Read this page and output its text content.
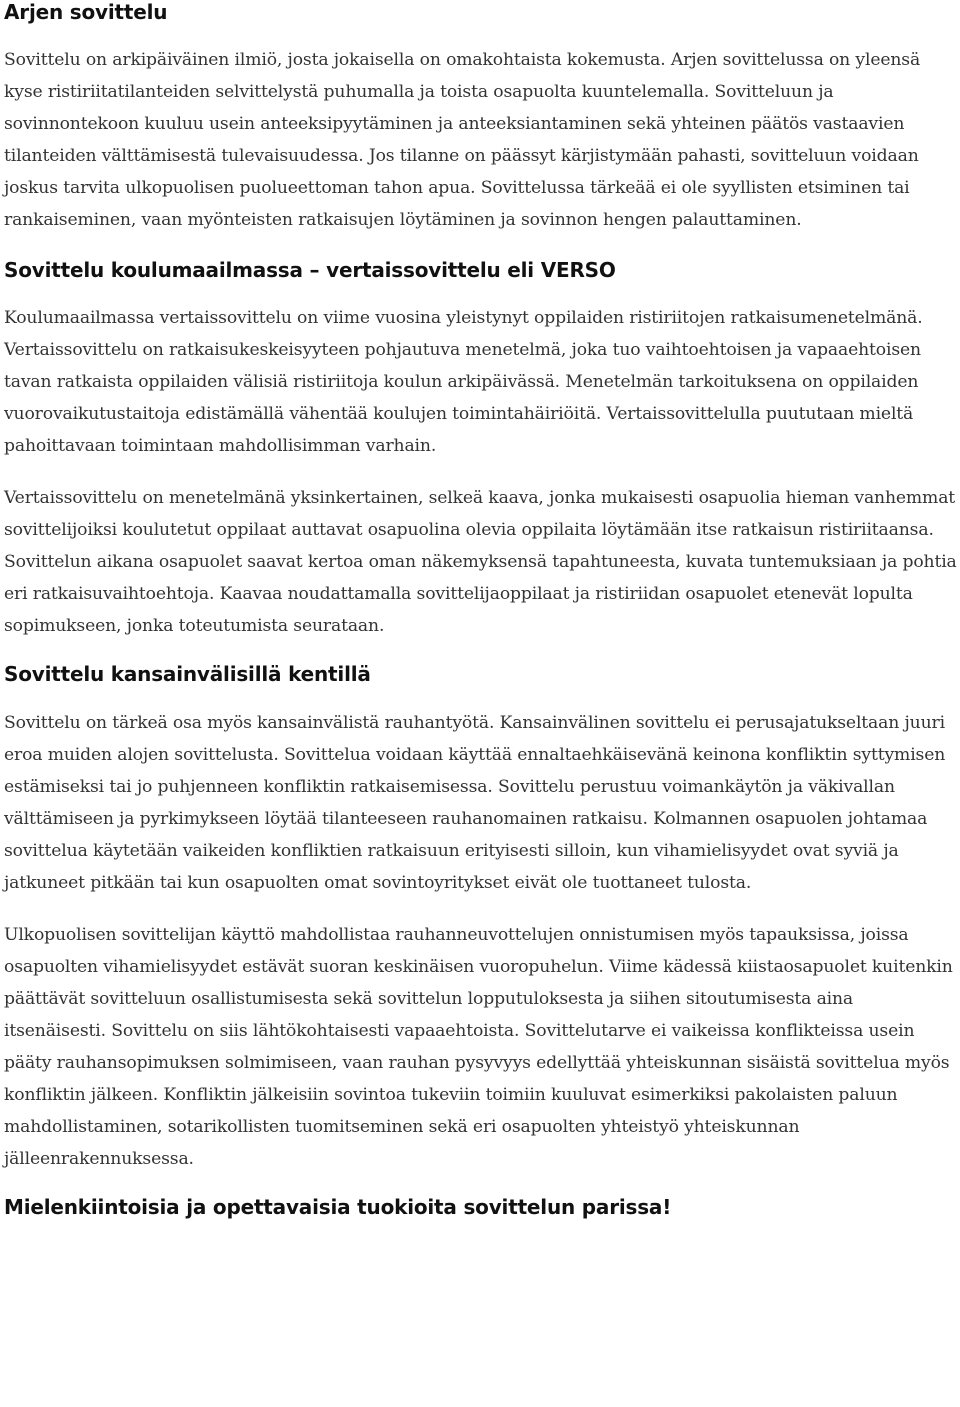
Arjen sovittelu

Sovittelu on arkipäiväinen ilmiö, josta jokaisella on omakohtaista kokemusta. Arjen sovittelussa on yleensä kyse ristiriitatilanteiden selvittelystä puhumalla ja toista osapuolta kuuntelemalla. Sovitteluun ja sovinnontekoon kuuluu usein anteeksipyytäminen ja anteeksiantaminen sekä yhteinen päätös vastaavien tilanteiden välttämisestä tulevaisuudessa. Jos tilanne on päässyt kärjistymään pahasti, sovitteluun voidaan joskus tarvita ulkopuolisen puolueettoman tahon apua. Sovittelussa tärkeää ei ole syyllisten etsiminen tai rankaiseminen, vaan myönteisten ratkaisujen löytäminen ja sovinnon hengen palauttaminen.

Sovittelu koulumaailmassa – vertaissovittelu eli VERSO

Koulumaailmassa vertaissovittelu on viime vuosina yleistynyt oppilaiden ristiriitojen ratkaisumenetelmänä. Vertaissovittelu on ratkaisukeskeisyyteen pohjautuva menetelmä, joka tuo vaihtoehtoisen ja vapaaehtoisen tavan ratkaista oppilaiden välisiä ristiriitoja koulun arkipäivässä. Menetelmän tarkoituksena on oppilaiden vuorovaikutustaitoja edistämällä vähentää koulujen toimintahäiriöitä. Vertaissovittelulla puututaan mieltä pahoittavaan toimintaan mahdollisimman varhain.

Vertaissovittelu on menetelmänä yksinkertainen, selkeä kaava, jonka mukaisesti osapuolia hieman vanhemmat sovittelijoiksi koulutetut oppilaat auttavat osapuolina olevia oppilaita löytämään itse ratkaisun ristiriitaansa. Sovittelun aikana osapuolet saavat kertoa oman näkemyksensä tapahtuneesta, kuvata tuntemuksiaan ja pohtia eri ratkaisuvaihtoehtoja. Kaavaa noudattamalla sovittelijaoppilaat ja ristiriidan osapuolet etenevät lopulta sopimukseen, jonka toteutumista seurataan.

Sovittelu kansainvälisillä kentillä

Sovittelu on tärkeä osa myös kansainvälistä rauhantyötä. Kansainvälinen sovittelu ei perusajatukseltaan juuri eroa muiden alojen sovittelusta. Sovittelua voidaan käyttää ennaltaehkäisevänä keinona konfliktin syttymisen estämiseksi tai jo puhjenneen konfliktin ratkaisemisessa. Sovittelu perustuu voimankäytön ja väkivallan välttämiseen ja pyrkimykseen löytää tilanteeseen rauhanomainen ratkaisu. Kolmannen osapuolen johtamaa sovittelua käytetään vaikeiden konfliktien ratkaisuun erityisesti silloin, kun vihamielisyydet ovat syviä ja jatkuneet pitkään tai kun osapuolten omat sovintoyritykset eivät ole tuottaneet tulosta.

Ulkopuolisen sovittelijan käyttö mahdollistaa rauhanneuvottelujen onnistumisen myös tapauksissa, joissa osapuolten vihamielisyydet estävät suoran keskinäisen vuoropuhelun. Viime kädessä kiistaosapuolet kuitenkin päättävät sovitteluun osallistumisesta sekä sovittelun lopputuloksesta ja siihen sitoutumisesta aina itsenäisesti. Sovittelu on siis lähtökohtaisesti vapaaehtoista. Sovittelutarve ei vaikeissa konflikteissa usein pääty rauhansopimuksen solmimiseen, vaan rauhan pysyvyys edellyttää yhteiskunnan sisäistä sovittelua myös konfliktin jälkeen. Konfliktin jälkeisiin sovintoa tukeviin toimiin kuuluvat esimerkiksi pakolaisten paluun mahdollistaminen, sotarikollisten tuomitseminen sekä eri osapuolten yhteistyö yhteiskunnan jälleenrakennuksessa.

Mielenkiintoisia ja opettavaisia tuokioita sovittelun parissa!
